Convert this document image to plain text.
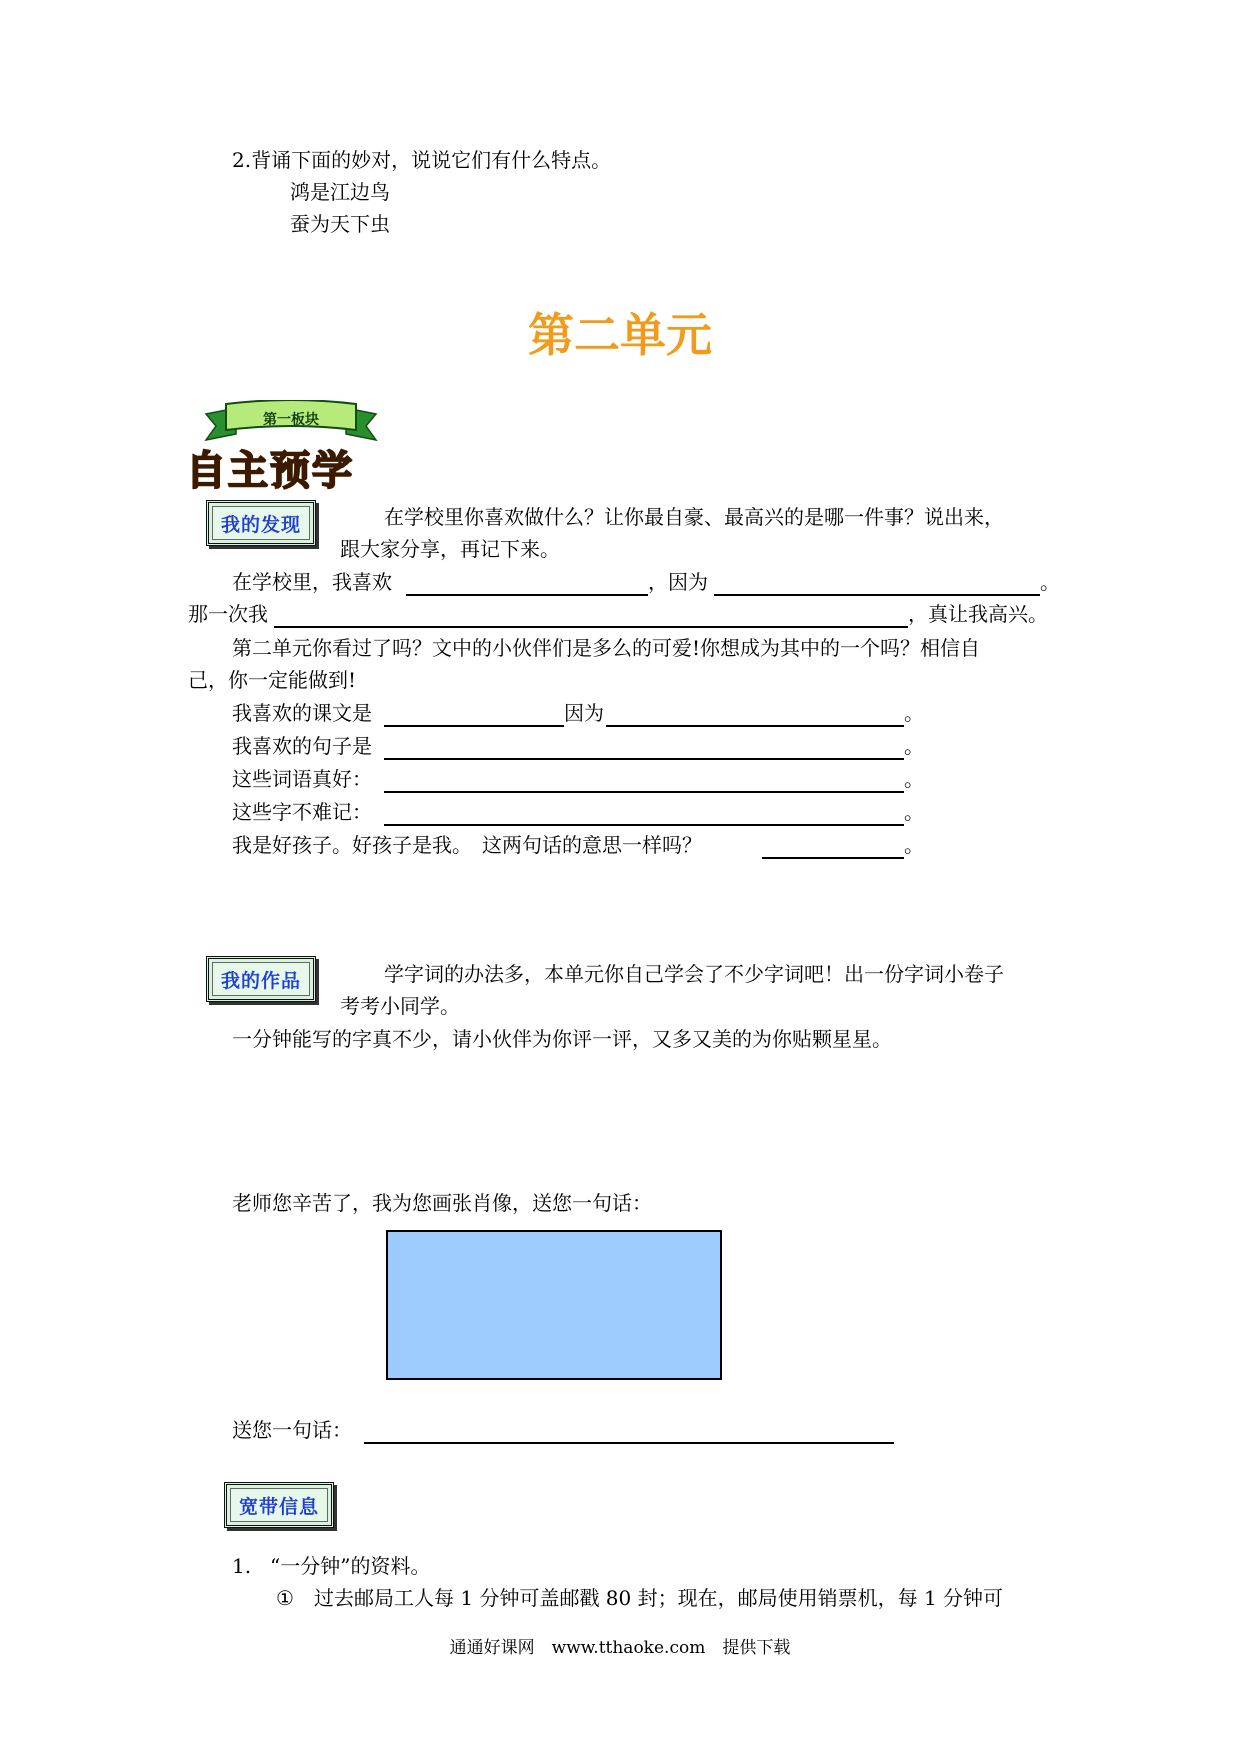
2.背诵下面的妙对，说说它们有什么特点。
鸿是江边鸟
蚕为天下虫
第二单元
第一板块
自主预学
我的发现	在学校里你喜欢做什么？让你最自豪、最高兴的是哪一件事？说出来，
跟大家分享，再记下来。
在学校里，我喜欢	，因为	。
那一次我	，真让我高兴。
第二单元你看过了吗？文中的小伙伴们是多么的可爱!你想成为其中的一个吗？相信自
己，你一定能做到!
我喜欢的课文是	因为	。
我喜欢的句子是	。
这些词语真好：	。
这些字不难记：	。
我是好孩子。好孩子是我。　这两句话的意思一样吗？	。
我的作品	学字词的办法多，本单元你自己学会了不少字词吧！出一份字词小卷子
考考小同学。
一分钟能写的字真不少，请小伙伴为你评一评，又多又美的为你贴颗星星。
老师您辛苦了，我为您画张肖像，送您一句话：
送您一句话：
宽带信息
1. “一分钟”的资料。
① 过去邮局工人每 1 分钟可盖邮戳 80 封；现在，邮局使用销票机，每 1 分钟可
通通好课网　www.tthaoke.com　提供下载
